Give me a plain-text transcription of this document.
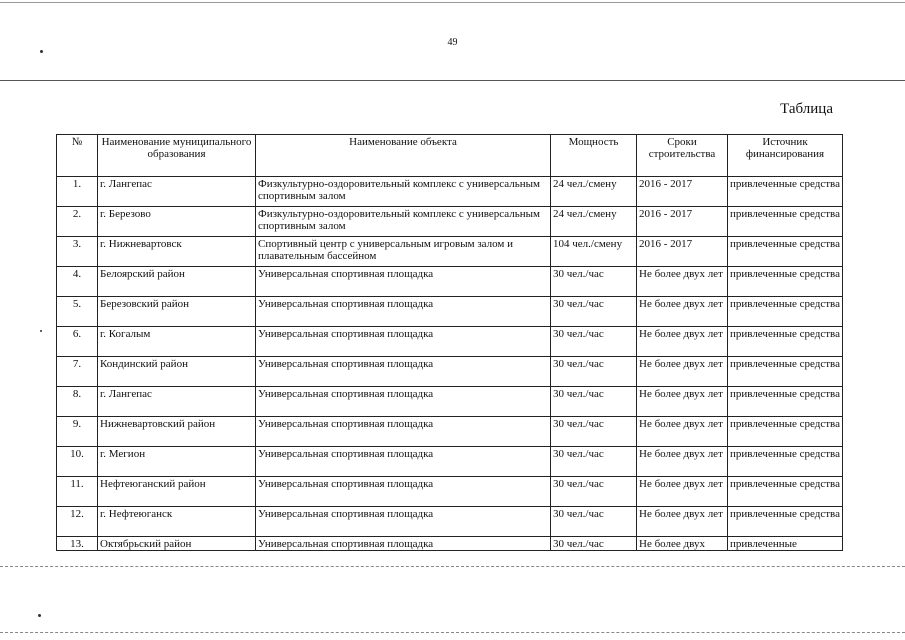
49
Таблица
№	Наименование муниципального образования	Наименование объекта	Мощность	Сроки строительства	Источник финансирования
1.	г. Лангепас	Физкультурно-оздоровительный комплекс с универсальным спортивным залом	24 чел./смену	2016 - 2017	привлеченные средства
2.	г. Березово	Физкультурно-оздоровительный комплекс с универсальным спортивным залом	24 чел./смену	2016 - 2017	привлеченные средства
3.	г. Нижневартовск	Спортивный центр с универсальным игровым залом и плавательным бассейном	104 чел./смену	2016 - 2017	привлеченные средства
4.	Белоярский район	Универсальная спортивная площадка	30 чел./час	Не более двух лет	привлеченные средства
5.	Березовский район	Универсальная спортивная площадка	30 чел./час	Не более двух лет	привлеченные средства
6.	г. Когалым	Универсальная спортивная площадка	30 чел./час	Не более двух лет	привлеченные средства
7.	Кондинский район	Универсальная спортивная площадка	30 чел./час	Не более двух лет	привлеченные средства
8.	г. Лангепас	Универсальная спортивная площадка	30 чел./час	Не более двух лет	привлеченные средства
9.	Нижневартовский район	Универсальная спортивная площадка	30 чел./час	Не более двух лет	привлеченные средства
10.	г. Мегион	Универсальная спортивная площадка	30 чел./час	Не более двух лет	привлеченные средства
11.	Нефтеюганский район	Универсальная спортивная площадка	30 чел./час	Не более двух лет	привлеченные средства
12.	г. Нефтеюганск	Универсальная спортивная площадка	30 чел./час	Не более двух лет	привлеченные средства
13.	Октябрьский район	Универсальная спортивная площадка	30 чел./час	Не более двух	привлеченные
